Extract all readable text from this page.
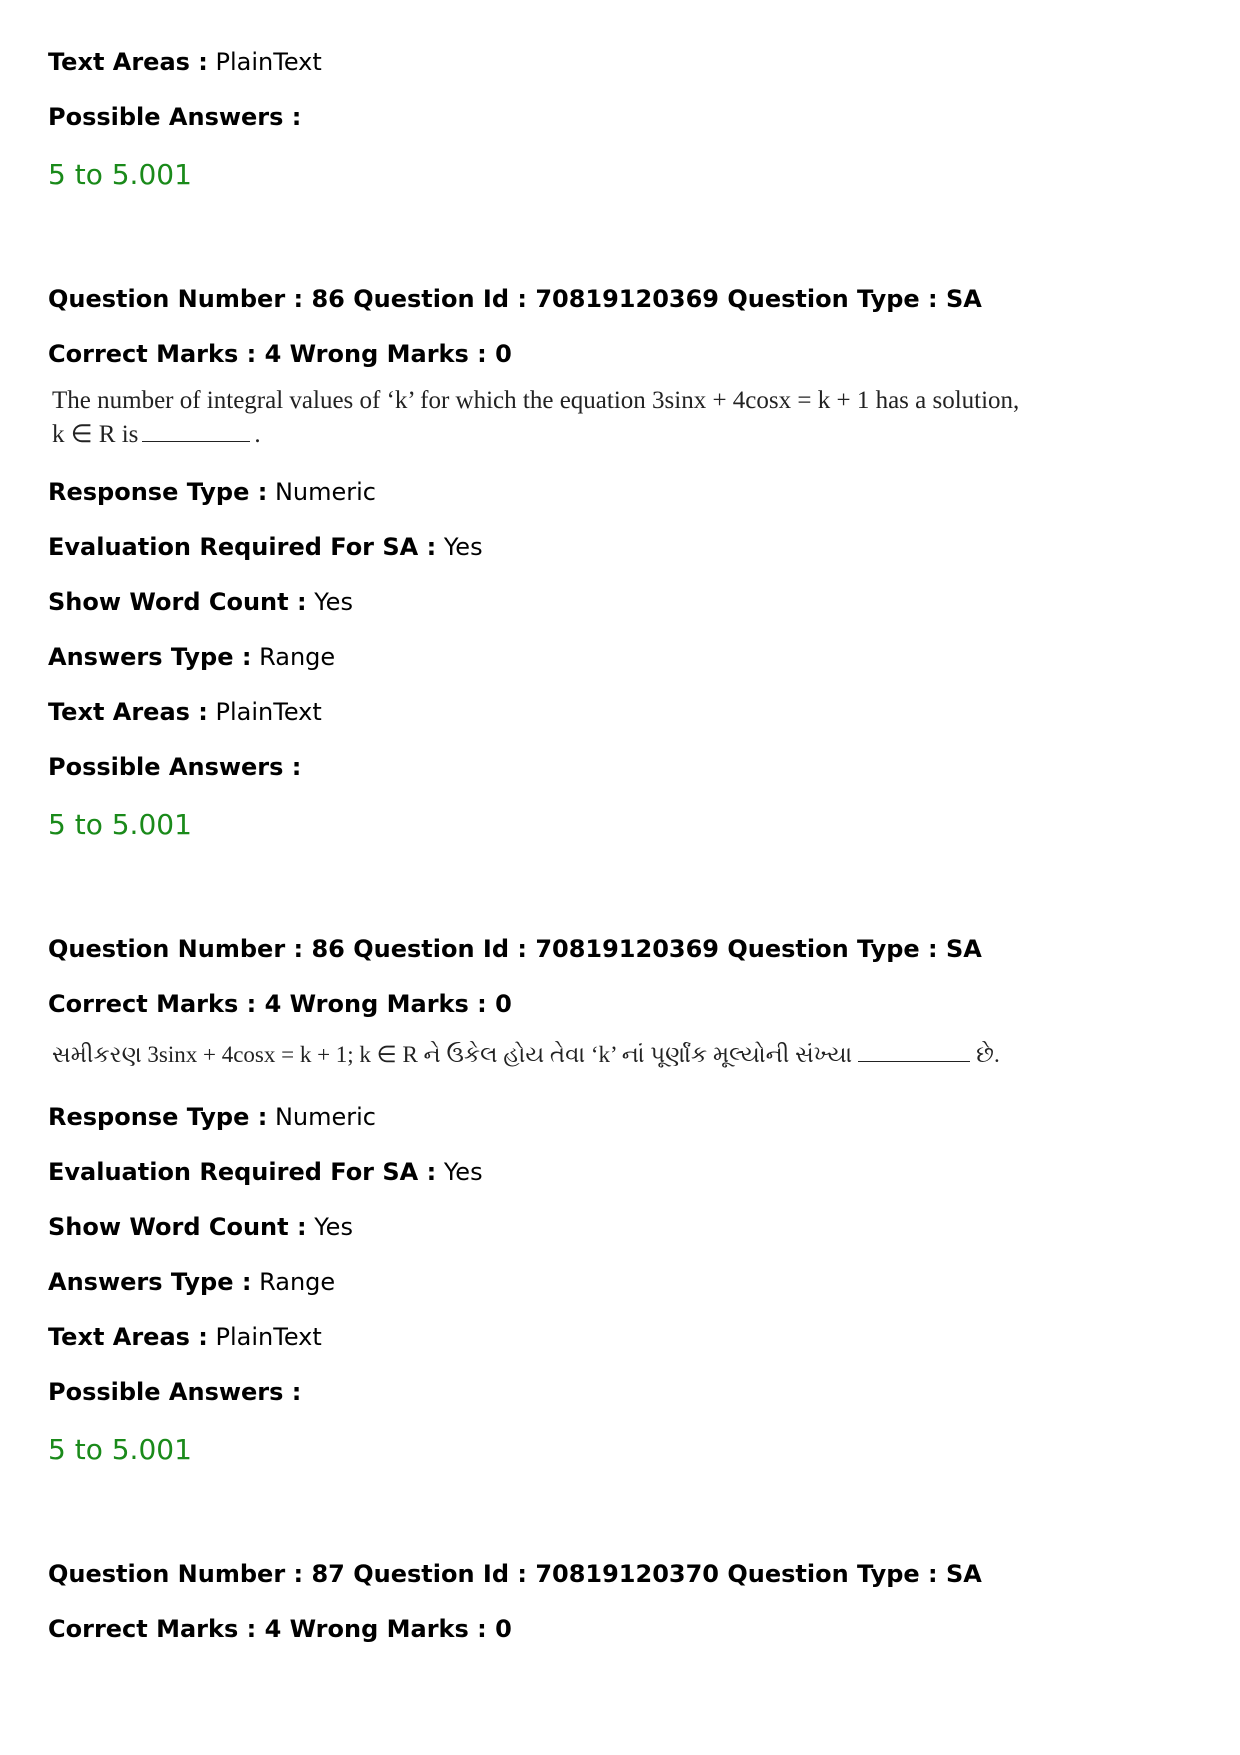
Text Areas : PlainText
Possible Answers :
5 to 5.001
Question Number : 86 Question Id : 70819120369 Question Type : SA
Correct Marks : 4 Wrong Marks : 0
The number of integral values of ‘k’ for which the equation 3sinx + 4cosx = k + 1 has a solution,
k ∈ R is	.
Response Type : Numeric
Evaluation Required For SA : Yes
Show Word Count : Yes
Answers Type : Range
Text Areas : PlainText
Possible Answers :
5 to 5.001
Question Number : 86 Question Id : 70819120369 Question Type : SA
Correct Marks : 4 Wrong Marks : 0
સમીકરણ 3sinx + 4cosx = k + 1; k ∈ R ને ઉકેલ હોય તેવા ‘k’ નાં પૂર્ણાંક મૂલ્યોની સંખ્યા	છે.
Response Type : Numeric
Evaluation Required For SA : Yes
Show Word Count : Yes
Answers Type : Range
Text Areas : PlainText
Possible Answers :
5 to 5.001
Question Number : 87 Question Id : 70819120370 Question Type : SA
Correct Marks : 4 Wrong Marks : 0
